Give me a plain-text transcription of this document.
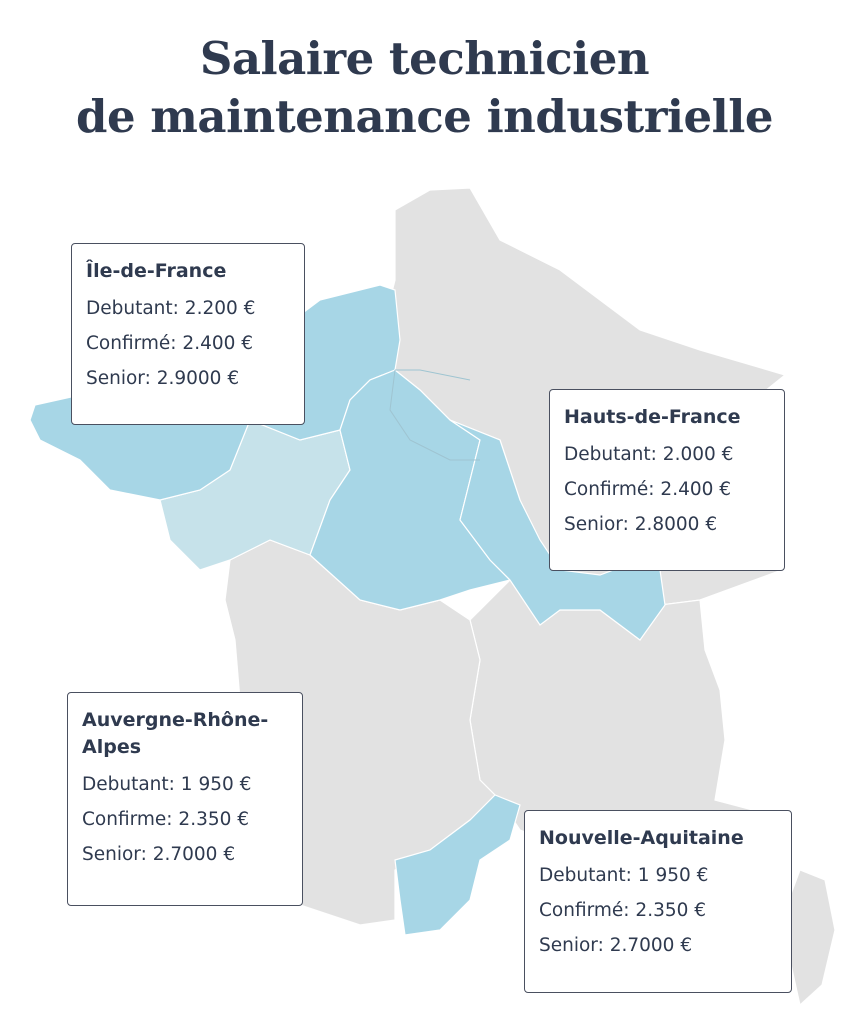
Salaire technicien
de maintenance industrielle
Île-de-France
Debutant: 2.200 €
Confirmé: 2.400 €
Senior: 2.9000 €
Hauts-de-France
Debutant: 2.000 €
Confirmé: 2.400 €
Senior: 2.8000 €
Auvergne-Rhône-
Alpes
Debutant: 1 950 €
Confirme: 2.350 €
Senior: 2.7000 €
Nouvelle-Aquitaine
Debutant: 1 950 €
Confirmé: 2.350 €
Senior: 2.7000 €
